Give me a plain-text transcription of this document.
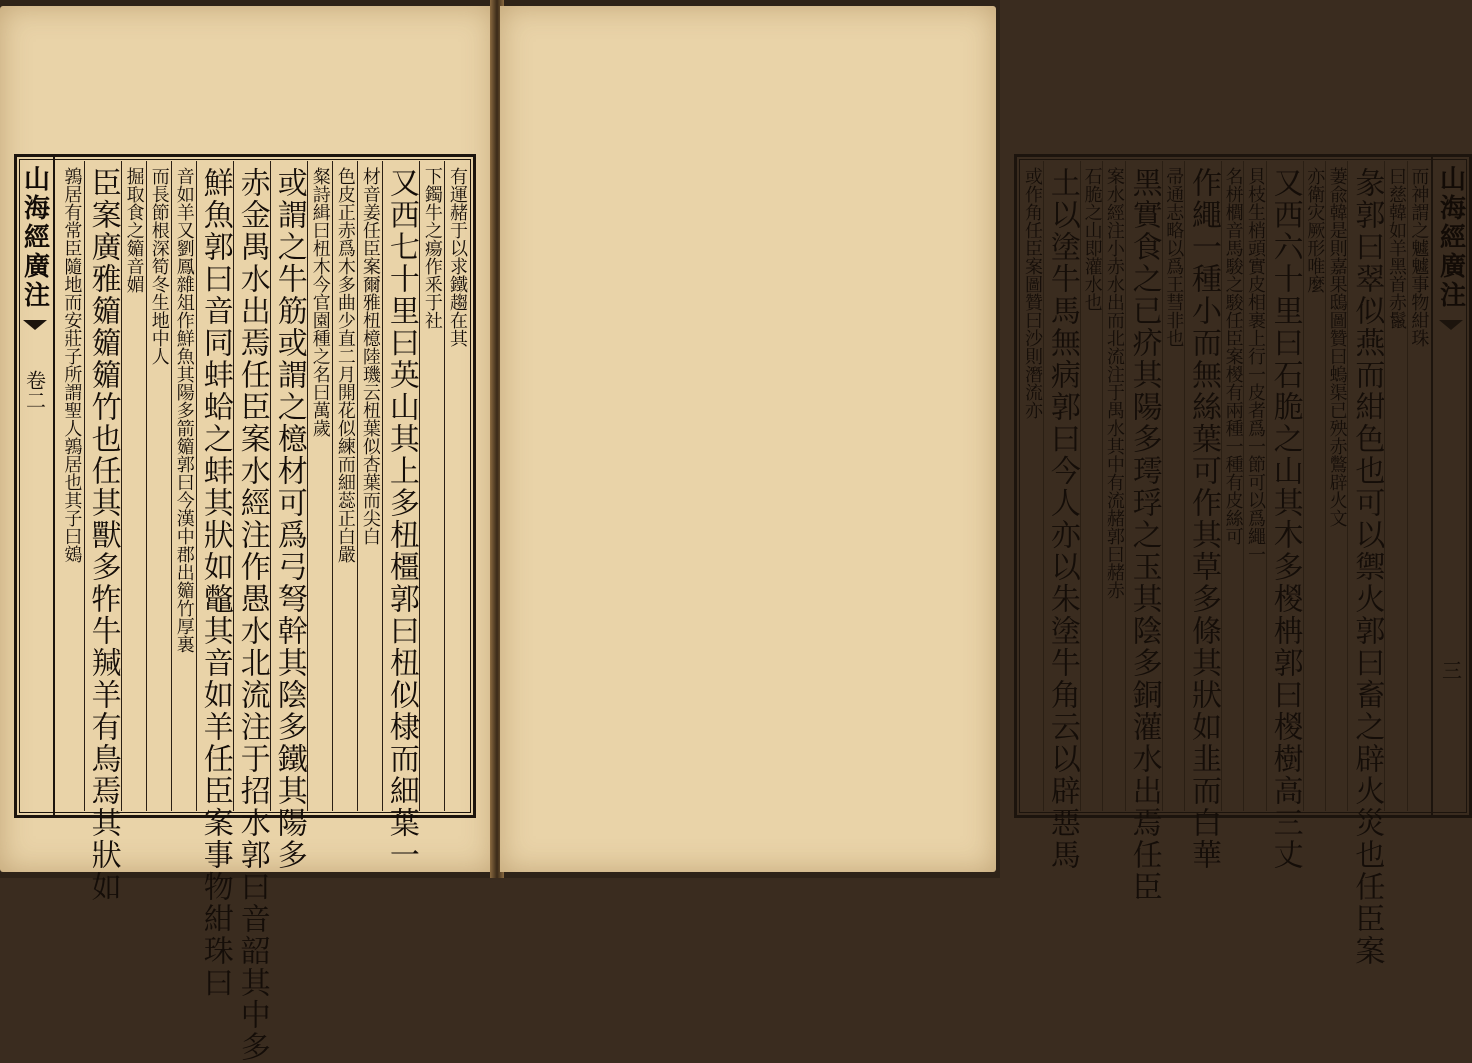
山海經廣注
卷二
有運赭于以求鐵趨在其
下鐲牛之瘍作釆于社
又西七十里曰英山其上多杻橿郭曰杻似棣而細葉一
材音姜任臣案爾雅杻檍陸璣云杻葉似杏葉而尖白
色皮正赤爲木多曲少直二月開花似練而細蕊正白嚴
粲詩緝曰杻木今官園種之名曰萬歲
或謂之牛筋或謂之檍材可爲弓弩幹其陰多鐵其陽多
赤金禺水出焉任臣案水經注作愚水北流注于招水郭曰音韶其中多
鮮魚郭曰音同蚌蛤之蚌其狀如鼈其音如羊任臣案事物紺珠曰
音如羊又劉鳳雜俎作鮮魚其陽多箭䉋郭曰今漢中郡出䉋竹厚裏
而長節根深筍冬生地中人
掘取食之䉋音媚
臣案廣雅䉋䉋䉋竹也任其獸多㸲牛羬羊有鳥焉其狀如
鶉居有常臣隨地而安莊子所謂聖人鶉居也其子曰鴳	山海經廣注
三
而神謂之魖魖事物紺珠
曰慈韓如羊黑首赤鬣
彖郭曰翠似燕而紺色也可以禦火郭曰畜之辟火災也任臣案
萋兪韓是則嘉果鴟圖贊曰螐渠已殃赤鷩辟火文
亦衛灾厥形唯麼
又西六十里曰石脆之山其木多椶柟郭曰椶樹高三丈
貝枝生梢頭實皮相裹上行一皮者爲一節可以爲繩一
名栟櫚音馬駿之駿任臣案椶有兩種一種有皮絲可
作繩一種小而無絲葉可作其草多條其狀如韭而白華
帚通志略以爲王彗非也
黑實食之已疥其陽多㻬琈之玉其陰多銅灌水出焉任臣
案水經注小赤水出而北流注于禺水其中有流赭郭曰赭赤
石脆之山即灌水也
土以塗牛馬無病郭曰今人亦以朱塗牛角云以辟惡馬
或作角任臣案圖贊曰沙則潛流亦
